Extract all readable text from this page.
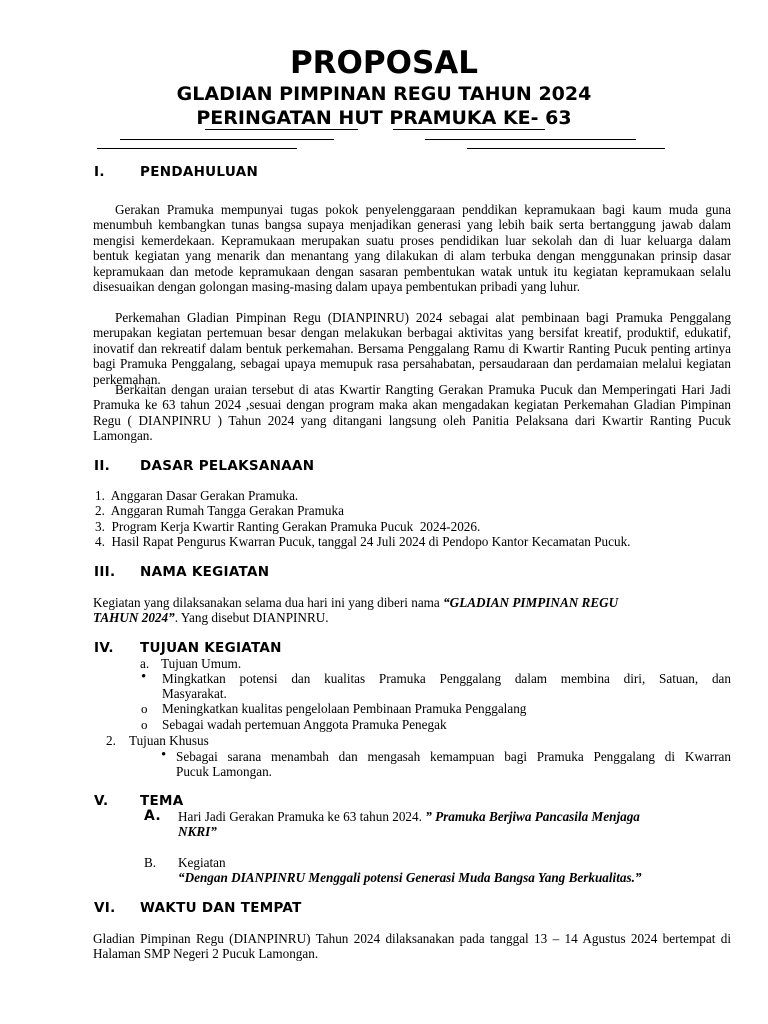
PROPOSAL
GLADIAN PIMPINAN REGU TAHUN 2024
PERINGATAN HUT PRAMUKA KE- 63
I.	PENDAHULUAN
Gerakan Pramuka mempunyai tugas pokok penyelenggaraan penddikan kepramukaan bagi kaum muda guna menumbuh kembangkan tunas bangsa supaya menjadikan generasi yang lebih baik serta bertanggung jawab dalam mengisi kemerdekaan. Kepramukaan merupakan suatu proses pendidikan luar sekolah dan di luar keluarga dalam bentuk kegiatan yang menarik dan menantang yang dilakukan di alam terbuka dengan menggunakan prinsip dasar kepramukaan dan metode kepramukaan dengan sasaran pembentukan watak untuk itu kegiatan kepramukaan selalu disesuaikan dengan golongan masing-masing dalam upaya pembentukan pribadi yang luhur.
Perkemahan Gladian Pimpinan Regu (DIANPINRU) 2024 sebagai alat pembinaan bagi Pramuka Penggalang merupakan kegiatan pertemuan besar dengan melakukan berbagai aktivitas yang bersifat kreatif, produktif, edukatif, inovatif dan rekreatif dalam bentuk perkemahan. Bersama Penggalang Ramu di Kwartir Ranting Pucuk penting artinya bagi Pramuka Penggalang, sebagai upaya memupuk rasa persahabatan, persaudaraan dan perdamaian melalui kegiatan perkemahan.
Berkaitan dengan uraian tersebut di atas Kwartir Rangting Gerakan Pramuka Pucuk dan Memperingati Hari Jadi Pramuka ke 63 tahun 2024 ,sesuai dengan program maka akan mengadakan kegiatan Perkemahan Gladian Pimpinan Regu ( DIANPINRU ) Tahun 2024 yang ditangani langsung oleh Panitia Pelaksana dari Kwartir Ranting Pucuk Lamongan.
II. DASAR PELAKSANAAN
1.  Anggaran Dasar Gerakan Pramuka.
2.  Anggaran Rumah Tangga Gerakan Pramuka
3.  Program Kerja Kwartir Ranting Gerakan Pramuka Pucuk  2024-2026.
4.  Hasil Rapat Pengurus Kwarran Pucuk, tanggal 24 Juli 2024 di Pendopo Kantor Kecamatan Pucuk.
III. NAMA KEGIATAN
Kegiatan yang dilaksanakan selama dua hari ini yang diberi nama “GLADIAN PIMPINAN REGU
TAHUN 2024”. Yang disebut DIANPINRU.
IV. TUJUAN KEGIATAN
a. Tujuan Umum.
• Mingkatkan potensi dan kualitas Pramuka Penggalang dalam membina diri, Satuan, dan
Masyarakat.
o Meningkatkan kualitas pengelolaan Pembinaan Pramuka Penggalang
o Sebagai wadah pertemuan Anggota Pramuka Penegak
2. Tujuan Khusus
• Sebagai sarana menambah dan mengasah kemampuan bagi Pramuka Penggalang di Kwarran
Pucuk Lamongan.
V. TEMA
A. Hari Jadi Gerakan Pramuka ke 63 tahun 2024. ” Pramuka Berjiwa Pancasila Menjaga
NKRI”
B. Kegiatan
“Dengan DIANPINRU Menggali potensi Generasi Muda Bangsa Yang Berkualitas.”
VI. WAKTU DAN TEMPAT
Gladian Pimpinan Regu (DIANPINRU) Tahun 2024 dilaksanakan pada tanggal 13 – 14 Agustus 2024 bertempat di Halaman SMP Negeri 2 Pucuk Lamongan.
